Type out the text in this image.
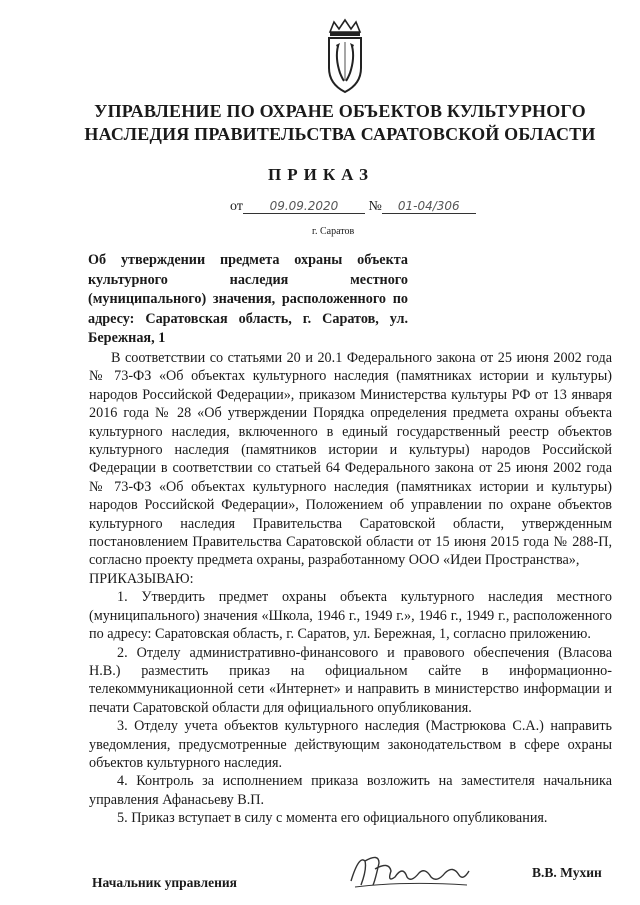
УПРАВЛЕНИЕ ПО ОХРАНЕ ОБЪЕКТОВ КУЛЬТУРНОГО
НАСЛЕДИЯ ПРАВИТЕЛЬСТВА САРАТОВСКОЙ ОБЛАСТИ
ПРИКАЗ
от 09.09.2020 № 01-04/306
г. Саратов
Об утверждении предмета охраны объекта культурного наследия местного (муниципального) значения, расположенного по адресу: Саратовская область, г. Саратов, ул. Бережная, 1

В соответствии со статьями 20 и 20.1 Федерального закона от 25 июня 2002 года № 73-ФЗ «Об объектах культурного наследия (памятниках истории и культуры) народов Российской Федерации», приказом Министерства культуры РФ от 13 января 2016 года № 28 «Об утверждении Порядка определения предмета охраны объекта культурного наследия, включенного в единый государственный реестр объектов культурного наследия (памятников истории и культуры) народов Российской Федерации в соответствии со статьей 64 Федерального закона от 25 июня 2002 года № 73-ФЗ «Об объектах культурного наследия (памятниках истории и культуры) народов Российской Федерации», Положением об управлении по охране объектов культурного наследия Правительства Саратовской области, утвержденным постановлением Правительства Саратовской области от 15 июня 2015 года № 288-П, согласно проекту предмета охраны, разработанному ООО «Идеи Пространства»,

ПРИКАЗЫВАЮ:

1. Утвердить предмет охраны объекта культурного наследия местного (муниципального) значения «Школа, 1946 г., 1949 г.», 1946 г., 1949 г., расположенного по адресу: Саратовская область, г. Саратов, ул. Бережная, 1, согласно приложению.

2. Отделу административно-финансового и правового обеспечения (Власова Н.В.) разместить приказ на официальном сайте в информационно-телекоммуникационной сети «Интернет» и направить в министерство информации и печати Саратовской области для официального опубликования.

3. Отделу учета объектов культурного наследия (Мастрюкова С.А.) направить уведомления, предусмотренные действующим законодательством в сфере охраны объектов культурного наследия.

4. Контроль за исполнением приказа возложить на заместителя начальника управления Афанасьеву В.П.

5. Приказ вступает в силу с момента его официального опубликования.

Начальник управления
В.В. Мухин
